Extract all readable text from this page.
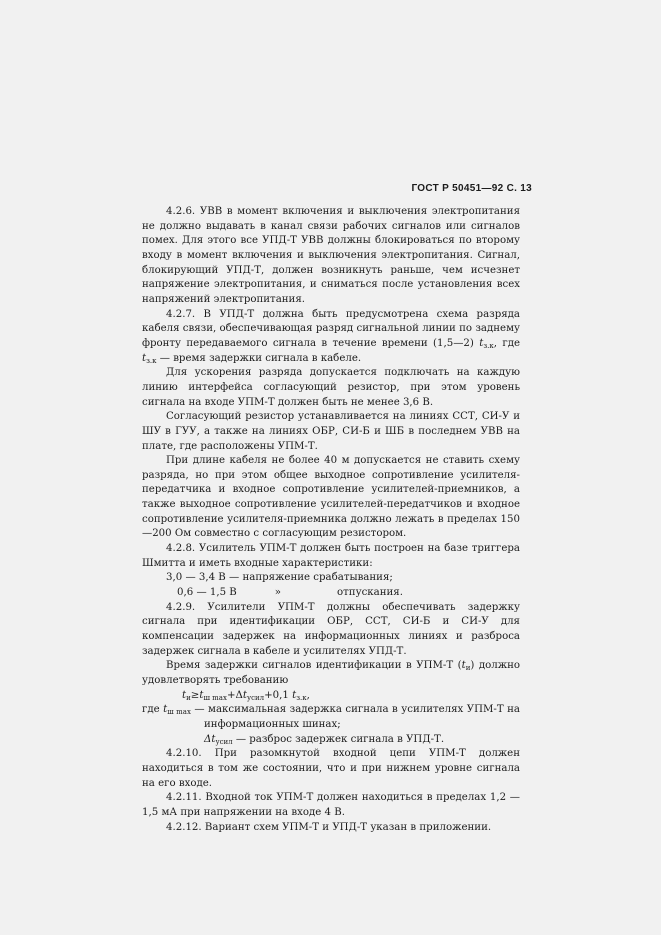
ГОСТ Р 50451—92 С. 13

4.2.6. УВВ в момент включения и выключения электропитания не должно выдавать в канал связи рабочих сигналов или сигналов помех. Для этого все УПД-Т УВВ должны блокироваться по второму входу в момент включения и выключения электропитания. Сигнал, блокирующий УПД-Т, должен возникнуть раньше, чем исчезнет напряжение электропитания, и сниматься после установления всех напряжений электропитания.

4.2.7. В УПД-Т должна быть предусмотрена схема разряда кабеля связи, обеспечивающая разряд сигнальной линии по заднему фронту передаваемого сигнала в течение времени (1,5—2) $t_{з.к}$, где $t_{з.к}$ — время задержки сигнала в кабеле.

Для ускорения разряда допускается подключать на каждую линию интерфейса согласующий резистор, при этом уровень сигнала на входе УПМ-Т должен быть не менее 3,6 В.

Согласующий резистор устанавливается на линиях ССТ, СИ-У и ШУ в ГУУ, а также на линиях ОБР, СИ-Б и ШБ в последнем УВВ на плате, где расположены УПМ-Т.

При длине кабеля не более 40 м допускается не ставить схему разряда, но при этом общее выходное сопротивление усилителя-передатчика и входное сопротивление усилителей-приемников, а также выходное сопротивление усилителей-передатчиков и входное сопротивление усилителя-приемника должно лежать в пределах 150—200 Ом совместно с согласующим резистором.

4.2.8. Усилитель УПМ-Т должен быть построен на базе триггера Шмитта и иметь входные характеристики:

3,0 — 3,4 В — напряжение срабатывания;

0,6 — 1,5 В	»	отпускания.

4.2.9. Усилители УПМ-Т должны обеспечивать задержку сигнала при идентификации ОБР, ССТ, СИ-Б и СИ-У для компенсации задержек на информационных линиях и разброса задержек сигнала в кабеле и усилителях УПД-Т.

Время задержки сигналов идентификации в УПМ-Т $(t_и)$ должно удовлетворять требованию

$t_и\ge t_{ш max}+\Delta t_{усил}+0,1$ $t_{з.к}$,

где $t_{ш max}$ — максимальная задержка сигнала в усилителях УПМ-Т на информационных шинах;

$\Delta t_{усил}$ — разброс задержек сигнала в УПД-Т.

4.2.10. При разомкнутой входной цепи УПМ-Т должен находиться в том же состоянии, что и при нижнем уровне сигнала на его входе.

4.2.11. Входной ток УПМ-Т должен находиться в пределах 1,2 — 1,5 мА при напряжении на входе 4 В.

4.2.12. Вариант схем УПМ-Т и УПД-Т указан в приложении.
